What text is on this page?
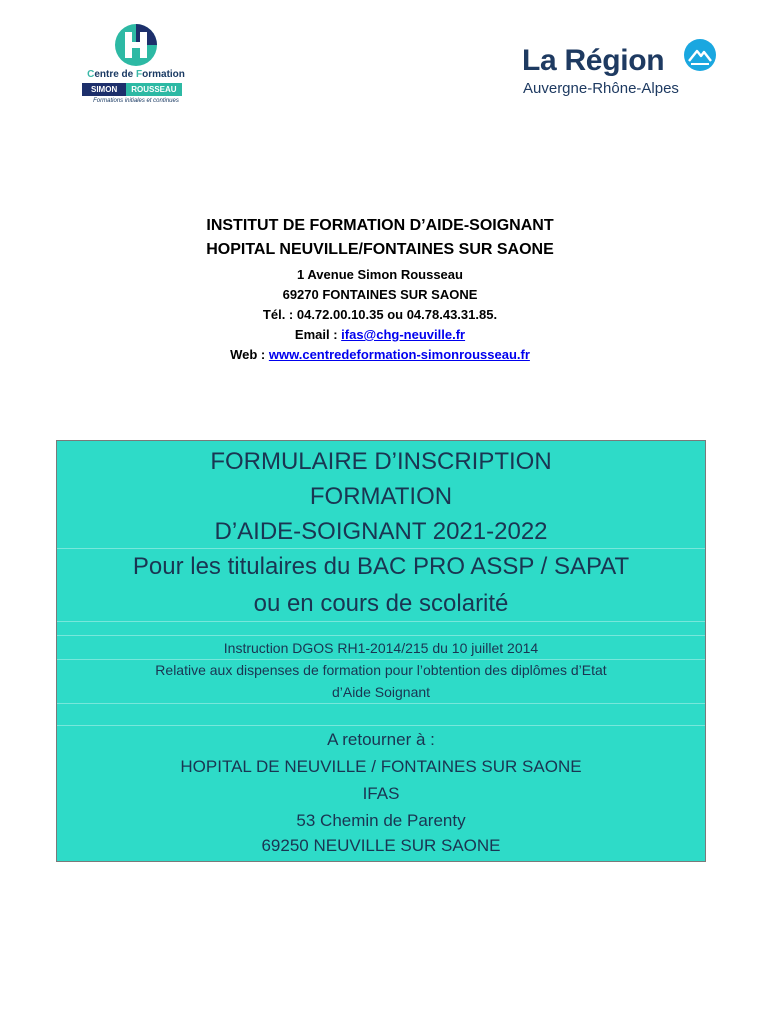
Centre de Formation
SIMON	ROUSSEAU
Formations initiales et continues
La Région
Auvergne-Rhône-Alpes
INSTITUT DE FORMATION D’AIDE-SOIGNANT
HOPITAL NEUVILLE/FONTAINES SUR SAONE
1 Avenue Simon Rousseau
69270 FONTAINES SUR SAONE
Tél. : 04.72.00.10.35 ou 04.78.43.31.85.
Email : ifas@chg-neuville.fr
Web : www.centredeformation-simonrousseau.fr
FORMULAIRE D’INSCRIPTION
FORMATION
D’AIDE-SOIGNANT 2021-2022
Pour les titulaires du BAC PRO ASSP / SAPAT
ou en cours de scolarité
Instruction DGOS RH1-2014/215 du 10 juillet 2014
Relative aux dispenses de formation pour l’obtention des diplômes d’Etat
d’Aide Soignant
A retourner à :
HOPITAL DE NEUVILLE / FONTAINES SUR SAONE
IFAS
53 Chemin de Parenty
69250 NEUVILLE SUR SAONE
